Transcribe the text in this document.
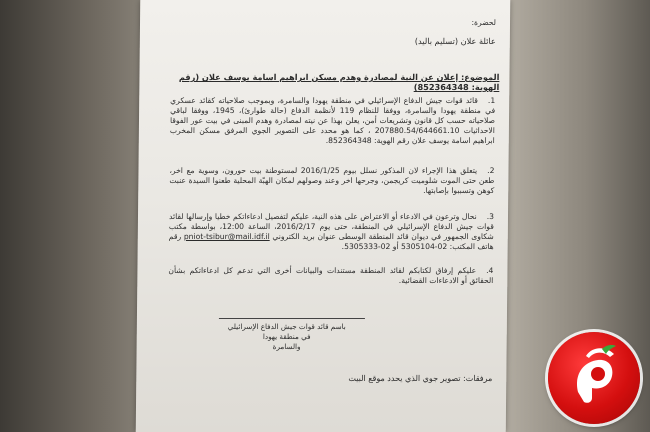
لحضرة:
عائلة علان (تسليم باليد)
الموضوع: إعلان عن النية لمصادرة وهدم مسكن ابراهيم اسامة يوسف علان (رقم الهوية: 852364348)
1.قائد قوات جيش الدفاع الإسرائيلي في منطقة يهودا والسامرة، وبموجب صلاحياته كقائد عسكري في منطقة يهودا والسامرة، ووفقا للنظام 119 لأنظمة الدفاع (حالة طوارئ)، 1945، ووفقا لباقي صلاحياته حسب كل قانون وتشريعات أمن، يعلن بهذا عن نيته لمصادرة وهدم المبنى في بيت عور الفوقا الاحداثيات 207880.54/644661.10 ، كما هو محدد على التصوير الجوي المرفق مسكن المخرب ابراهيم اسامة يوسف علان رقم الهوية: 852364348.
2.يتعلق هذا الإجراء لان المذكور نسلل بيوم 2016/1/25 لمستوطنة بيت حورون، وسوية مع اخر، طعن حتى الموت شلوميت كريجمن، وجرحها اخر وعند وصولهم لمكان الهبّة المحلية طعنوا السيدة عنبت كوهن وتسببوا بإصابتها.
3.نحال وترعون في الادعاء أو الاعتراض على هذه النية، عليكم لتفصيل ادعاءاتكم خطيا وإرسالها لقائد قوات جيش الدفاع الإسرائيلي في المنطقة، حتى يوم 2016/2/17، الساعة 12:00، بواسطة مكتب شكاوى الجمهور في ديوان قائد المنطقة الوسطى عنوان بريد الكتروني pniot-tsibur@mail.idf.il رقم هاتف المكتب: 02-5305104 أو 02-5305333.
4.عليكم إرفاق لكتابكم لقائد المنطقة مستندات والبيانات أخرى التي تدعم كل ادعاءاتكم بشأن الحقائق أو الادعاءات القضائية.
باسم قائد قوات جيش الدفاع الإسرائيلي
في منطقة يهودا
والسامرة
مرفقات: تصوير جوي الذي يحدد موقع البيت
